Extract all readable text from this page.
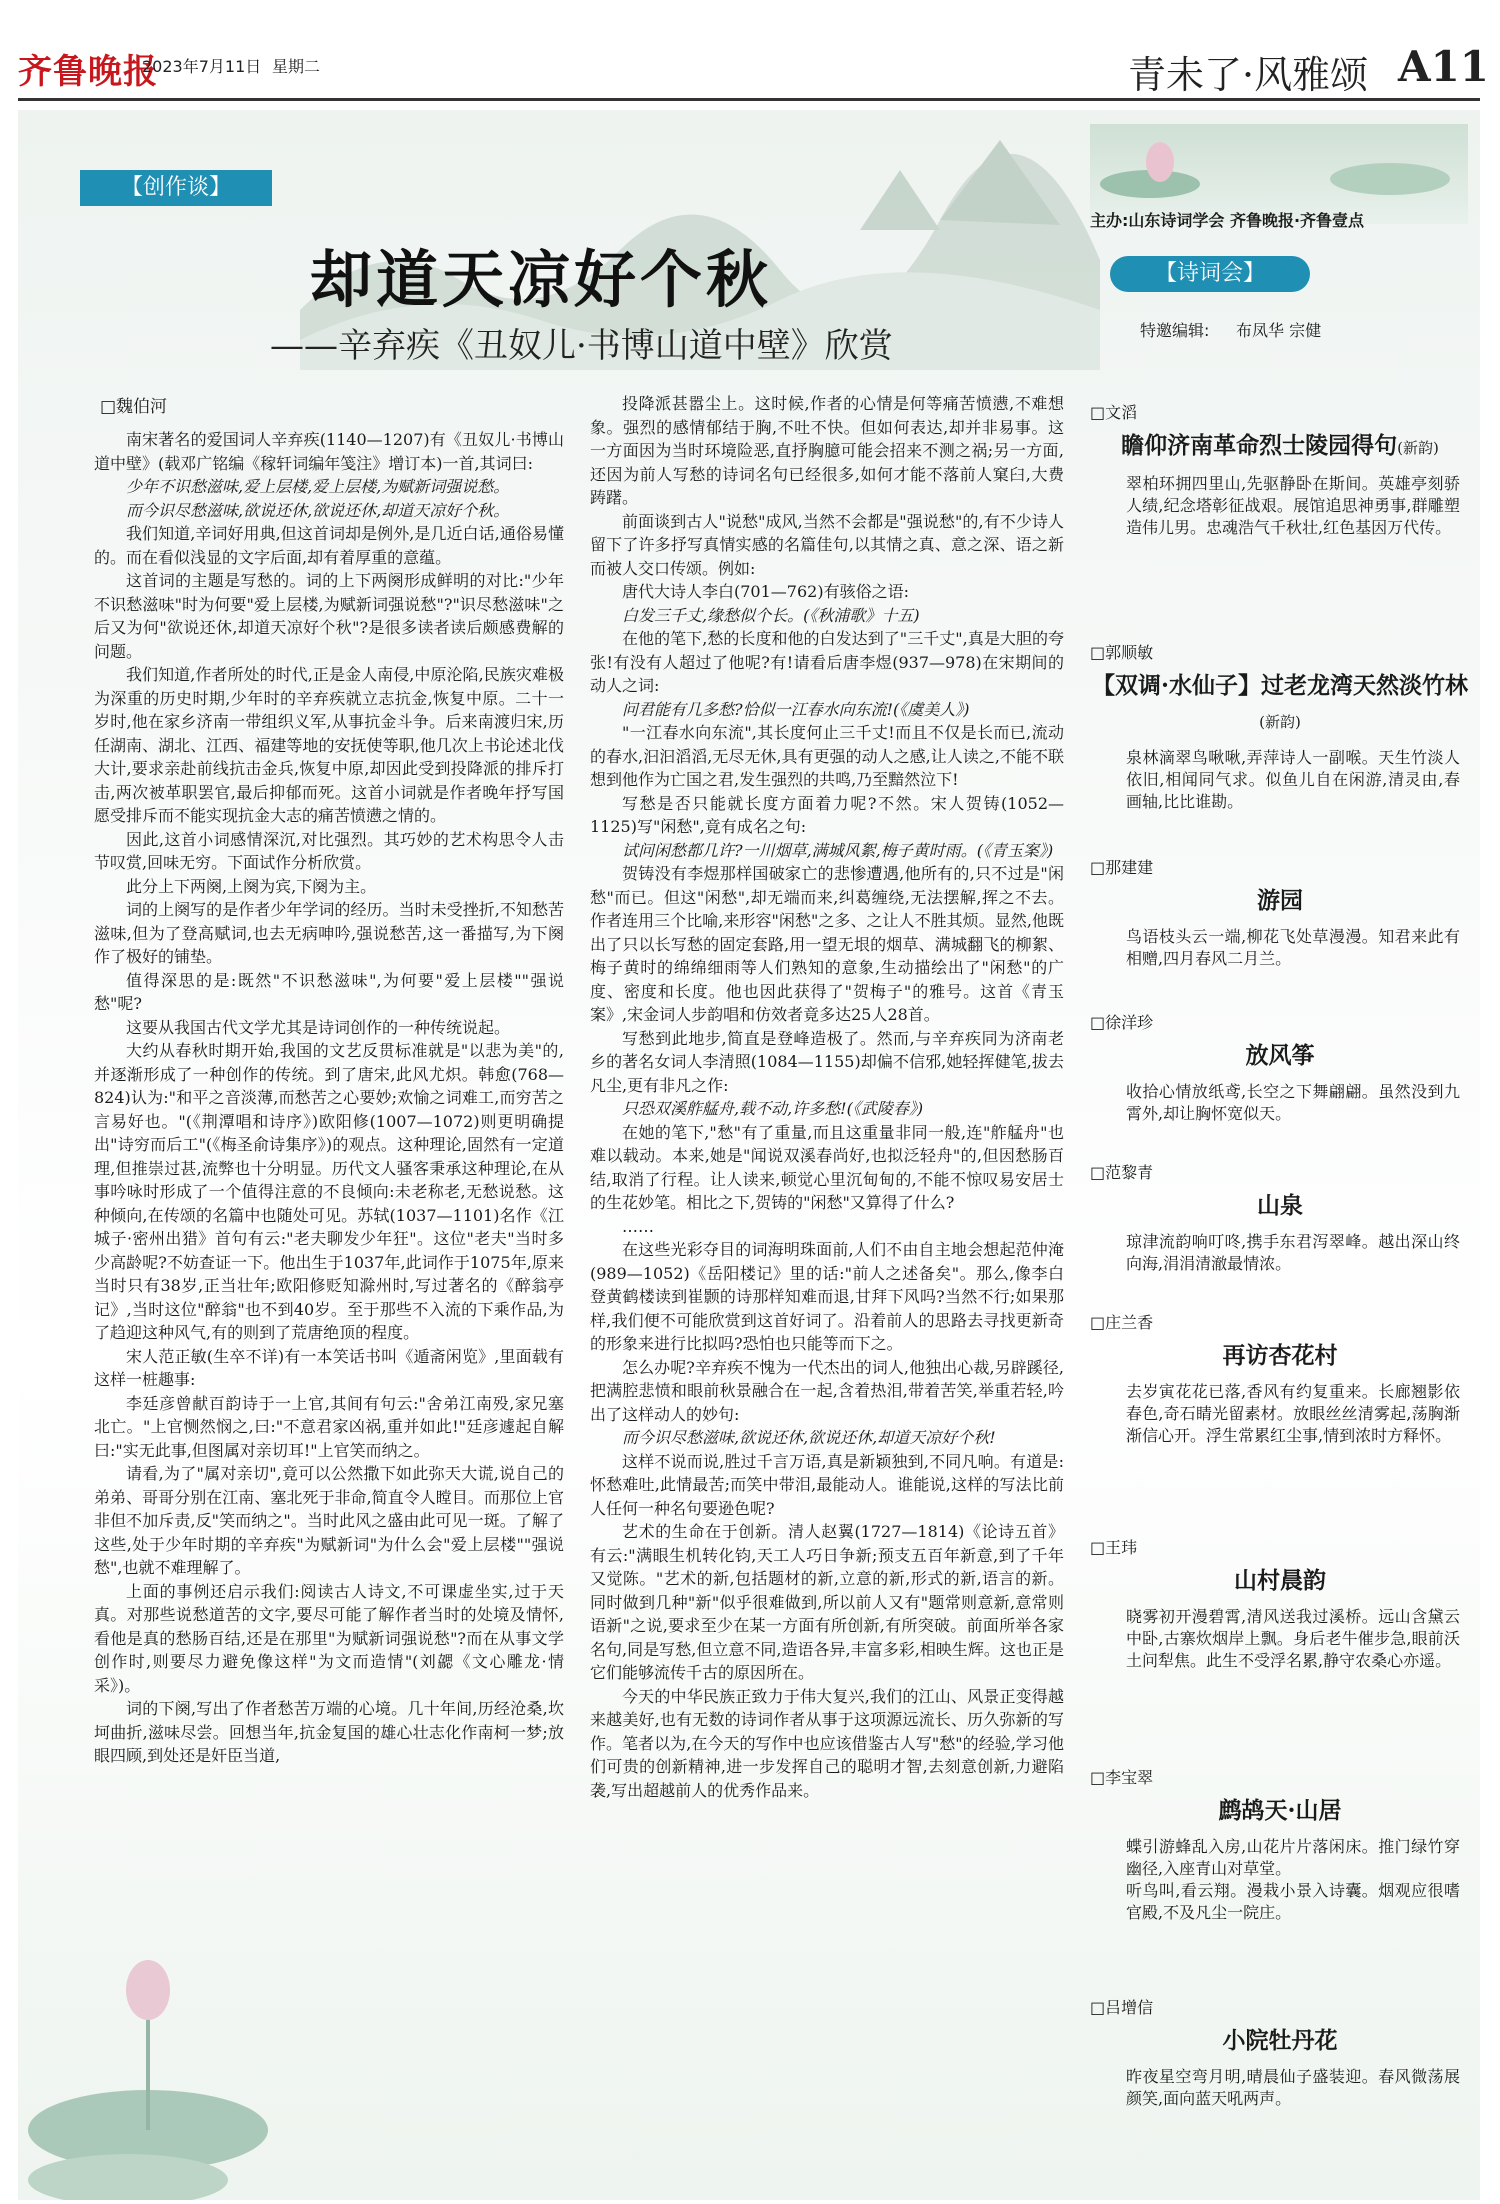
齐鲁晚报
2023年7月11日 星期二	青未了·风雅颂 A11
【创作谈】
却道天凉好个秋
——辛弃疾《丑奴儿·书博山道中壁》欣赏
□魏伯河

南宋著名的爱国词人辛弃疾(1140—1207)有《丑奴儿·书博山道中壁》(载邓广铭编《稼轩词编年笺注》增订本)一首,其词曰:

少年不识愁滋味,爱上层楼,爱上层楼,为赋新词强说愁。

而今识尽愁滋味,欲说还休,欲说还休,却道天凉好个秋。

我们知道,辛词好用典,但这首词却是例外,是几近白话,通俗易懂的。而在看似浅显的文字后面,却有着厚重的意蕴。

这首词的主题是写愁的。词的上下两阕形成鲜明的对比:"少年不识愁滋味"时为何要"爱上层楼,为赋新词强说愁"?"识尽愁滋味"之后又为何"欲说还休,却道天凉好个秋"?是很多读者读后颇感费解的问题。

我们知道,作者所处的时代,正是金人南侵,中原沦陷,民族灾难极为深重的历史时期,少年时的辛弃疾就立志抗金,恢复中原。二十一岁时,他在家乡济南一带组织义军,从事抗金斗争。后来南渡归宋,历任湖南、湖北、江西、福建等地的安抚使等职,他几次上书论述北伐大计,要求亲赴前线抗击金兵,恢复中原,却因此受到投降派的排斥打击,两次被革职罢官,最后抑郁而死。这首小词就是作者晚年抒写国愿受排斥而不能实现抗金大志的痛苦愤懑之情的。

因此,这首小词感情深沉,对比强烈。其巧妙的艺术构思令人击节叹赏,回味无穷。下面试作分析欣赏。

此分上下两阕,上阕为宾,下阕为主。

词的上阕写的是作者少年学词的经历。当时未受挫折,不知愁苦滋味,但为了登高赋词,也去无病呻吟,强说愁苦,这一番描写,为下阕作了极好的铺垫。

值得深思的是:既然"不识愁滋味",为何要"爱上层楼""强说愁"呢?

这要从我国古代文学尤其是诗词创作的一种传统说起。

大约从春秋时期开始,我国的文艺反贯标准就是"以悲为美"的,并逐渐形成了一种创作的传统。到了唐宋,此风尤炽。韩愈(768—824)认为:"和平之音淡薄,而愁苦之心要妙;欢愉之词难工,而穷苦之言易好也。"(《荆潭唱和诗序》)欧阳修(1007—1072)则更明确提出"诗穷而后工"(《梅圣俞诗集序》)的观点。这种理论,固然有一定道理,但推崇过甚,流弊也十分明显。历代文人骚客秉承这种理论,在从事吟咏时形成了一个值得注意的不良倾向:未老称老,无愁说愁。这种倾向,在传颂的名篇中也随处可见。苏轼(1037—1101)名作《江城子·密州出猎》首句有云:"老夫聊发少年狂"。这位"老夫"当时多少高龄呢?不妨查证一下。他出生于1037年,此词作于1075年,原来当时只有38岁,正当壮年;欧阳修贬知滁州时,写过著名的《醉翁亭记》,当时这位"醉翁"也不到40岁。至于那些不入流的下乘作品,为了趋迎这种风气,有的则到了荒唐绝顶的程度。

宋人范正敏(生卒不详)有一本笑话书叫《遁斋闲览》,里面载有这样一桩趣事:

李廷彦曾献百韵诗于一上官,其间有句云:"舍弟江南殁,家兄塞北亡。"上官恻然悯之,曰:"不意君家凶祸,重并如此!"廷彦遽起自解曰:"实无此事,但图属对亲切耳!"上官笑而纳之。

请看,为了"属对亲切",竟可以公然撒下如此弥天大谎,说自己的弟弟、哥哥分别在江南、塞北死于非命,简直令人瞠目。而那位上官非但不加斥责,反"笑而纳之"。当时此风之盛由此可见一斑。了解了这些,处于少年时期的辛弃疾"为赋新词"为什么会"爱上层楼""强说愁",也就不难理解了。

上面的事例还启示我们:阅读古人诗文,不可课虚坐实,过于天真。对那些说愁道苦的文字,要尽可能了解作者当时的处境及情怀,看他是真的愁肠百结,还是在那里"为赋新词强说愁"?而在从事文学创作时,则要尽力避免像这样"为文而造情"(刘勰《文心雕龙·情采》)。

词的下阕,写出了作者愁苦万端的心境。几十年间,历经沧桑,坎坷曲折,滋味尽尝。回想当年,抗金复国的雄心壮志化作南柯一梦;放眼四顾,到处还是奸臣当道,

投降派甚嚣尘上。这时候,作者的心情是何等痛苦愤懑,不难想象。强烈的感情郁结于胸,不吐不快。但如何表达,却并非易事。这一方面因为当时环境险恶,直抒胸臆可能会招来不测之祸;另一方面,还因为前人写愁的诗词名句已经很多,如何才能不落前人窠臼,大费踌躇。

前面谈到古人"说愁"成风,当然不会都是"强说愁"的,有不少诗人留下了许多抒写真情实感的名篇佳句,以其情之真、意之深、语之新而被人交口传颂。例如:

唐代大诗人李白(701—762)有骇俗之语:

白发三千丈,缘愁似个长。(《秋浦歌》十五)

在他的笔下,愁的长度和他的白发达到了"三千丈",真是大胆的夸张!有没有人超过了他呢?有!请看后唐李煜(937—978)在宋期间的动人之词:

问君能有几多愁?恰似一江春水向东流!(《虞美人》)

"一江春水向东流",其长度何止三千丈!而且不仅是长而已,流动的春水,汩汩滔滔,无尽无休,具有更强的动人之感,让人读之,不能不联想到他作为亡国之君,发生强烈的共鸣,乃至黯然泣下!

写愁是否只能就长度方面着力呢?不然。宋人贺铸(1052—1125)写"闲愁",竟有成名之句:

试问闲愁都几许?一川烟草,满城风絮,梅子黄时雨。(《青玉案》)

贺铸没有李煜那样国破家亡的悲惨遭遇,他所有的,只不过是"闲愁"而已。但这"闲愁",却无端而来,纠葛缠绕,无法摆解,挥之不去。作者连用三个比喻,来形容"闲愁"之多、之让人不胜其烦。显然,他既出了只以长写愁的固定套路,用一望无垠的烟草、满城翻飞的柳絮、梅子黄时的绵绵细雨等人们熟知的意象,生动描绘出了"闲愁"的广度、密度和长度。他也因此获得了"贺梅子"的雅号。这首《青玉案》,宋金词人步韵唱和仿效者竟多达25人28首。

写愁到此地步,简直是登峰造极了。然而,与辛弃疾同为济南老乡的著名女词人李清照(1084—1155)却偏不信邪,她轻挥健笔,拔去凡尘,更有非凡之作:

只恐双溪舴艋舟,载不动,许多愁!(《武陵春》)

在她的笔下,"愁"有了重量,而且这重量非同一般,连"舴艋舟"也难以载动。本来,她是"闻说双溪春尚好,也拟泛轻舟"的,但因愁肠百结,取消了行程。让人读来,顿觉心里沉甸甸的,不能不惊叹易安居士的生花妙笔。相比之下,贺铸的"闲愁"又算得了什么?

……

在这些光彩夺目的词海明珠面前,人们不由自主地会想起范仲淹(989—1052)《岳阳楼记》里的话:"前人之述备矣"。那么,像李白登黄鹤楼读到崔颢的诗那样知难而退,甘拜下风吗?当然不行;如果那样,我们便不可能欣赏到这首好词了。沿着前人的思路去寻找更新奇的形象来进行比拟吗?恐怕也只能等而下之。

怎么办呢?辛弃疾不愧为一代杰出的词人,他独出心裁,另辟蹊径,把满腔悲愤和眼前秋景融合在一起,含着热泪,带着苦笑,举重若轻,吟出了这样动人的妙句:

而今识尽愁滋味,欲说还休,欲说还休,却道天凉好个秋!

这样不说而说,胜过千言万语,真是新颖独到,不同凡响。有道是:怀愁难吐,此情最苦;而笑中带泪,最能动人。谁能说,这样的写法比前人任何一种名句要逊色呢?

艺术的生命在于创新。清人赵翼(1727—1814)《论诗五首》有云:"满眼生机转化钧,天工人巧日争新;预支五百年新意,到了千年又觉陈。"艺术的新,包括题材的新,立意的新,形式的新,语言的新。同时做到几种"新"似乎很难做到,所以前人又有"题常则意新,意常则语新"之说,要求至少在某一方面有所创新,有所突破。前面所举各家名句,同是写愁,但立意不同,造语各异,丰富多彩,相映生辉。这也正是它们能够流传千古的原因所在。

今天的中华民族正致力于伟大复兴,我们的江山、风景正变得越来越美好,也有无数的诗词作者从事于这项源远流长、历久弥新的写作。笔者以为,在今天的写作中也应该借鉴古人写"愁"的经验,学习他们可贵的创新精神,进一步发挥自己的聪明才智,去刻意创新,力避陷袭,写出超越前人的优秀作品来。

主办:山东诗词学会 齐鲁晚报·齐鲁壹点
【诗词会】
特邀编辑: 布凤华 宗健
□文滔
瞻仰济南革命烈士陵园得句(新韵)
翠柏环拥四里山,先驱静卧在斯间。英雄亭刻骄人绩,纪念塔彰征战艰。展馆追思神勇事,群雕塑造伟儿男。忠魂浩气千秋壮,红色基因万代传。
□郭顺敏
【双调·水仙子】过老龙湾天然淡竹林(新韵)
泉林滴翠鸟啾啾,弄萍诗人一副喉。天生竹淡人依旧,相闻同气求。似鱼儿自在闲游,清灵由,春画轴,比比谁勘。
□那建建
游园
鸟语枝头云一端,柳花飞处草漫漫。知君来此有相赠,四月春风二月兰。
□徐洋珍
放风筝
收拾心情放纸鸢,长空之下舞翩翩。虽然没到九霄外,却让胸怀宽似天。
□范黎青
山泉
琼津流韵响叮咚,携手东君泻翠峰。越出深山终向海,涓涓清澈最情浓。
□庄兰香
再访杏花村
去岁寅花花已落,香风有约复重来。长廊翘影依春色,奇石睛光留素材。放眼丝丝清雾起,荡胸渐渐信心开。浮生常累红尘事,情到浓时方释怀。
□王玮
山村晨韵
晓雾初开漫碧霄,清风送我过溪桥。远山含黛云中卧,古寨炊烟岸上飘。身后老牛催步急,眼前沃土问犁焦。此生不受浮名累,静守农桑心亦遥。
□李宝翠
鹧鸪天·山居
蝶引游蜂乱入房,山花片片落闲床。推门绿竹穿幽径,入座青山对草堂。
听鸟叫,看云翔。漫栽小景入诗囊。烟观应很嗜官殿,不及凡尘一院庄。
□吕增信
小院牡丹花
昨夜星空弯月明,晴晨仙子盛装迎。春风微荡展颜笑,面向蓝天吼两声。
